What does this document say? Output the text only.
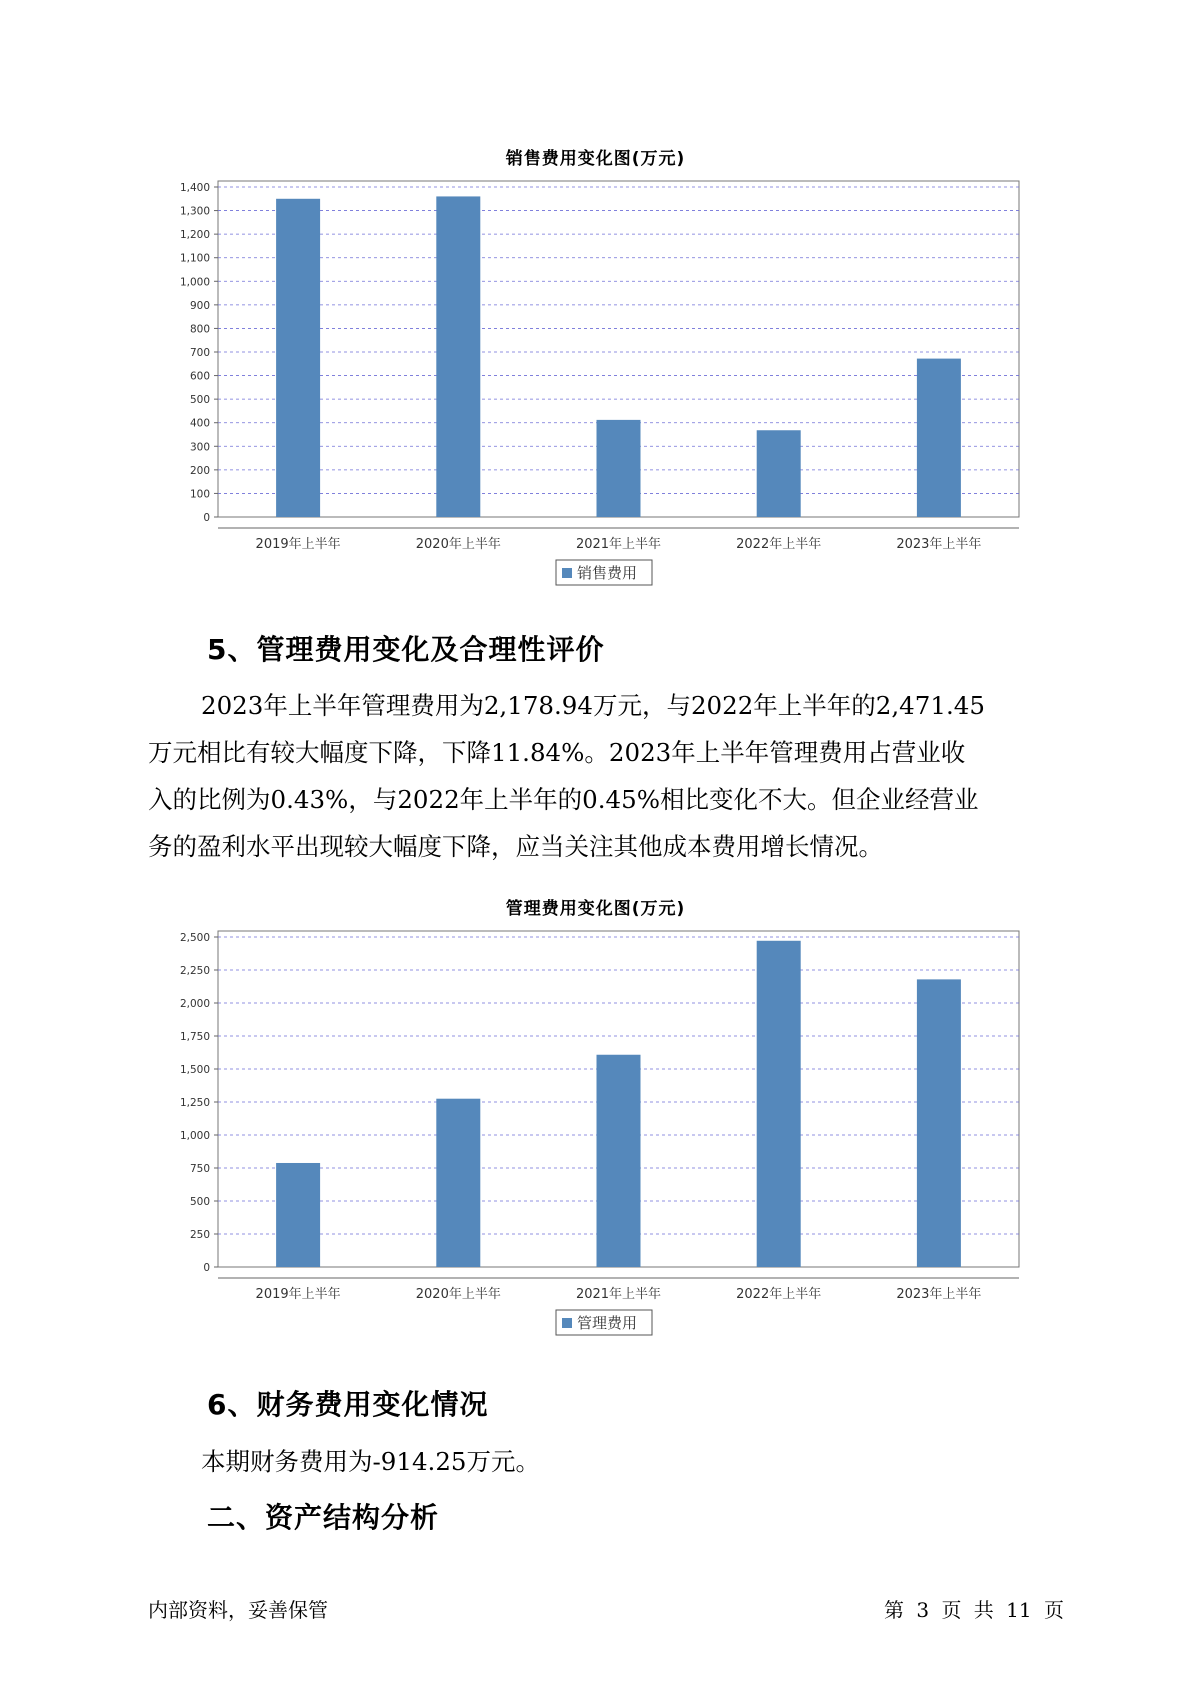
销售费用变化图(万元)
0
100
200
300
400
500
600
700
800
900
1,000
1,100
1,200
1,300
1,400
2019年上半年	2020年上半年	2021年上半年	2022年上半年	2023年上半年
销售费用
5、管理费用变化及合理性评价
2023年上半年管理费用为2,178.94万元，与2022年上半年的2,471.45
万元相比有较大幅度下降，下降11.84%。2023年上半年管理费用占营业收
入的比例为0.43%，与2022年上半年的0.45%相比变化不大。但企业经营业
务的盈利水平出现较大幅度下降，应当关注其他成本费用增长情况。
管理费用变化图(万元)
0
250
500
750
1,000
1,250
1,500
1,750
2,000
2,250
2,500
2019年上半年	2020年上半年	2021年上半年	2022年上半年	2023年上半年
管理费用
6、财务费用变化情况
本期财务费用为-914.25万元。
二、资产结构分析
内部资料，妥善保管	第 3 页 共 11 页
